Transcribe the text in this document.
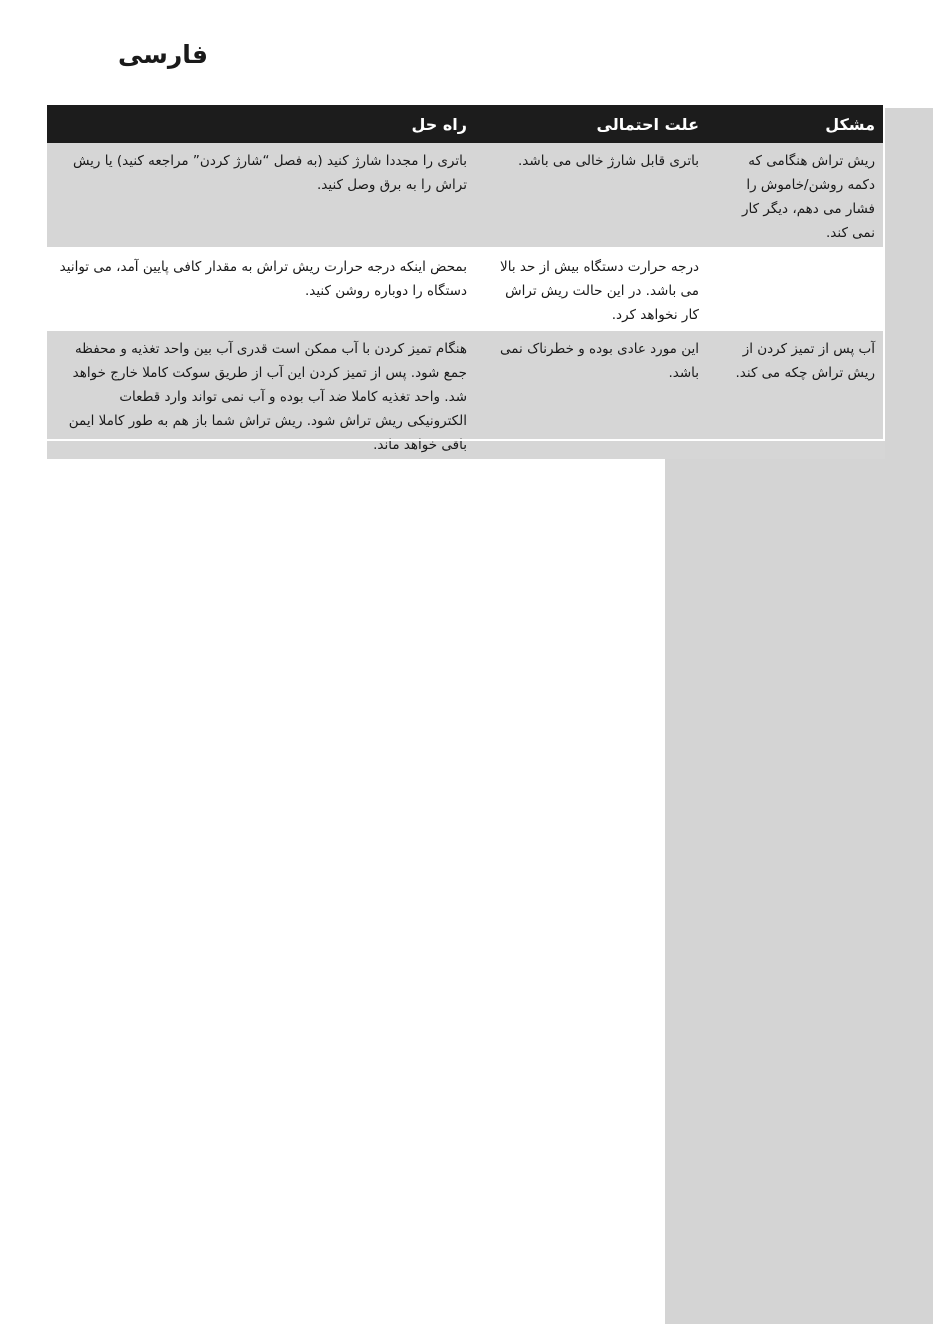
فارسی
مشکل	علت احتمالی	راه حل
ریش تراش هنگامی که دکمه روشن/خاموش را فشار می دهم، دیگر کار نمی کند.	باتری قابل شارژ خالی می باشد.	باتری را مجددا شارژ کنید (به فصل “شارژ کردن” مراجعه کنید) یا ریش تراش را به برق وصل کنید.
	درجه حرارت دستگاه بیش از حد بالا می باشد. در این حالت ریش تراش کار نخواهد کرد.	بمحض اینکه درجه حرارت ریش تراش به مقدار کافی پایین آمد، می توانید دستگاه را دوباره روشن کنید.
آب پس از تمیز کردن از ریش تراش چکه می کند.	این مورد عادی بوده و خطرناک نمی باشد.	هنگام تمیز کردن با آب ممکن است قدری آب بین واحد تغذیه و محفظه جمع شود. پس از تمیز کردن این آب از طریق سوکت کاملا خارج خواهد شد. واحد تغذیه کاملا ضد آب بوده و آب نمی تواند وارد قطعات الکترونیکی ریش تراش شود. ریش تراش شما باز هم به طور کاملا ایمن باقی خواهد ماند.
